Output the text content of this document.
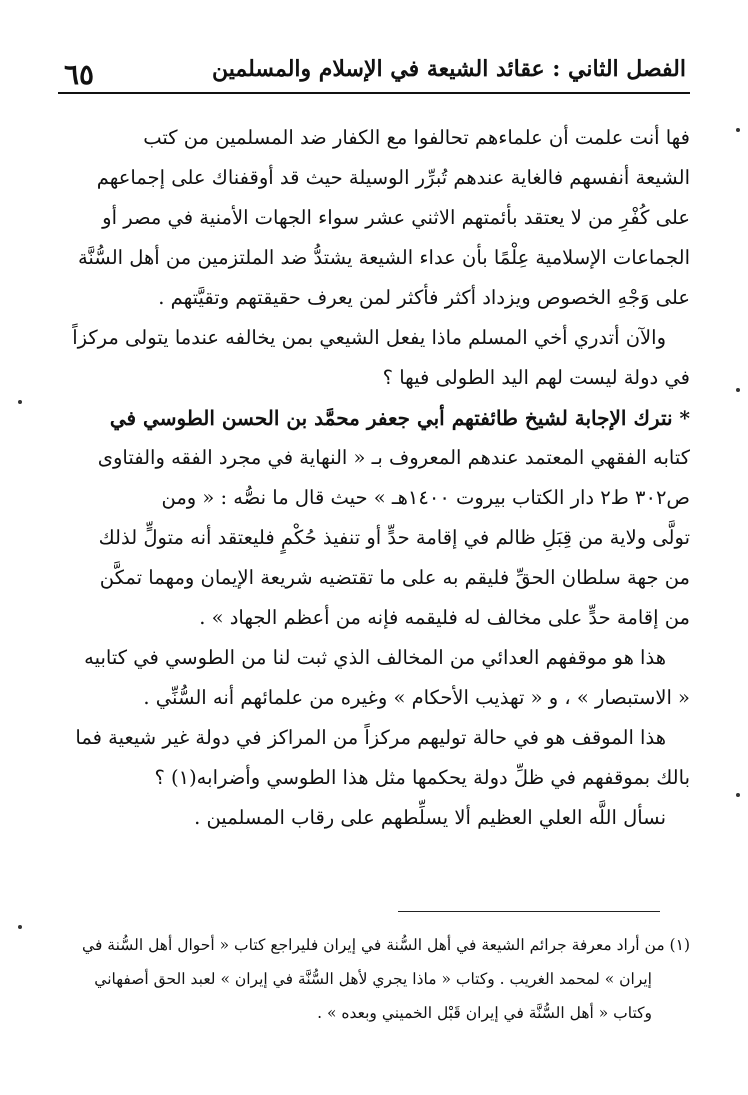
٦٥	الفصل الثاني : عقائد الشيعة في الإسلام والمسلمين
فها أنت علمت أن علماءهم تحالفوا مع الكفار ضد المسلمين من كتب
الشيعة أنفسهم فالغاية عندهم تُبرِّر الوسيلة حيث قد أوقفناك على إجماعهم
على كُفْرِ من لا يعتقد بأئمتهم الاثني عشر سواء الجهات الأمنية في مصر أو
الجماعات الإسلامية عِلْمًا بأن عداء الشيعة يشتدُّ ضد الملتزمين من أهل السُّنَّة
على وَجْهِ الخصوص ويزداد أكثر فأكثر لمن يعرف حقيقتهم وتقيَّتهم .
والآن أتدري أخي المسلم ماذا يفعل الشيعي بمن يخالفه عندما يتولى مركزاً
في دولة ليست لهم اليد الطولى فيها ؟
* نترك الإجابة لشيخ طائفتهم أبي جعفر محمَّد بن الحسن الطوسي في
كتابه الفقهي المعتمد عندهم المعروف بـ « النهاية في مجرد الفقه والفتاوى
ص٣٠٢ ط٢ دار الكتاب بيروت ١٤٠٠هـ » حيث قال ما نصُّه : « ومن
تولَّى ولاية من قِبَلِ ظالم في إقامة حدٍّ أو تنفيذ حُكْمٍ فليعتقد أنه متولٍّ لذلك
من جهة سلطان الحقِّ فليقم به على ما تقتضيه شريعة الإيمان ومهما تمكَّن
من إقامة حدٍّ على مخالف له فليقمه فإنه من أعظم الجهاد » .
هذا هو موقفهم العدائي من المخالف الذي ثبت لنا من الطوسي في كتابيه
« الاستبصار » ، و « تهذيب الأحكام » وغيره من علمائهم أنه السُّنِّي .
هذا الموقف هو في حالة توليهم مركزاً من المراكز في دولة غير شيعية فما
بالك بموقفهم في ظلِّ دولة يحكمها مثل هذا الطوسي وأضرابه(١) ؟
نسأل اللَّه العلي العظيم ألا يسلِّطهم على رقاب المسلمين .
(١) من أراد معرفة جرائم الشيعة في أهل السُّنة في إيران فليراجع كتاب « أحوال أهل السُّنة في
إيران » لمحمد الغريب . وكتاب « ماذا يجري لأهل السُّنَّة في إيران » لعبد الحق أصفهاني
وكتاب « أهل السُّنَّة في إيران قَبْل الخميني وبعده » .
